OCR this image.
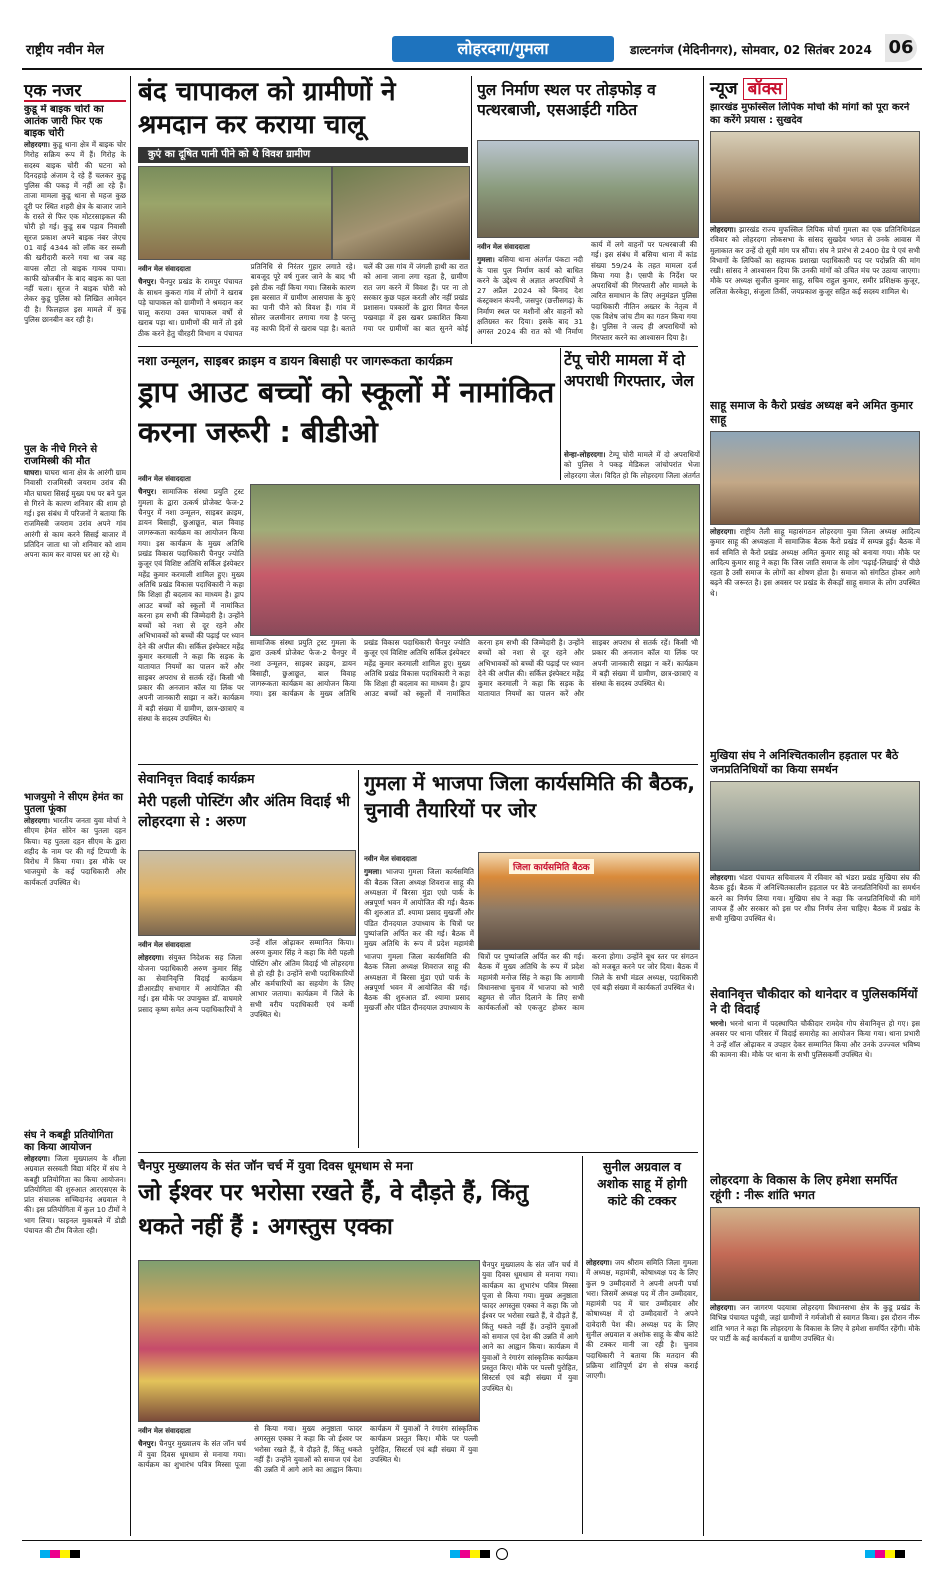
राष्ट्रीय नवीन मेल	लोहरदगा/गुमला	डाल्टनगंज (मेदिनीनगर), सोमवार, 02 सितंबर 2024 06
एक नजर
कुडू में बाइक चोरों का आतंक जारी फिर एक बाइक चोरी
लोहरदगा। कुडू थाना क्षेत्र में बाइक चोर गिरोह सक्रिय रूप में हैं। गिरोह के सदस्य बाइक चोरी की घटना को दिनदहाड़े अंजाम दे रहे हैं चलकर कुडू पुलिस की पकड़ में नहीं आ रहे हैं। ताजा मामला कुडू थाना से महज कुछ दूरी पर स्थित शहरी क्षेत्र के बाजार जाने के रास्ते से फिर एक मोटरसाइकल की चोरी हो गई। कुडू सब पड़ाव निवासी सूरज प्रकाश अपने बाइक नंबर जेएच 01 वाई 4344 को लॉक कर सब्जी की खरीदारी करने गया था जब वह वापस लौटा तो बाइक गायब पाया। काफी खोजबीन के बाद बाइक का पता नहीं चला। सूरज ने बाइक चोरी को लेकर कुडू पुलिस को लिखित आवेदन दी है। फिलहाल इस मामले में कुडू पुलिस छानबीन कर रही है।
पुल के नीचे गिरने से राजमिस्त्री की मौत
घाघरा। घाघरा थाना क्षेत्र के आरंगी ग्राम निवासी राजमिस्त्री जयराम उरांव की मौत घाघरा सिसई मुख्य पथ पर बने पुल से गिरने के कारण शनिवार की शाम हो गई। इस संबंध में परिजनों ने बताया कि राजमिस्त्री जयराम उरांव अपने गांव आरंगी से काम करने सिसई बाजार में प्रतिदिन जाता था जो शनिवार को शाम अपना काम कर वापस घर आ रहे थे।
भाजयुमो ने सीएम हेमंत का पुतला फूंका
लोहरदगा। भारतीय जनता युवा मोर्चा ने सीएम हेमंत सोरेन का पुतला दहन किया। यह पुतला दहन सीएम के द्वारा शहीद के नाम पर की गई टिप्पणी के विरोध में किया गया। इस मौके पर भाजयुमो के कई पदाधिकारी और कार्यकर्ता उपस्थित थे।
संघ ने कबड्डी प्रतियोगिता का किया आयोजन
लोहरदगा। जिला मुख्यालय के शीला अग्रवाल सरस्वती विद्या मंदिर में संघ ने कबड्डी प्रतियोगिता का किया आयोजन। प्रतियोगिता की शुरुआत आरएसएस के प्रांत संचालक सच्चिदानंद अग्रवाल ने की। इस प्रतियोगिता में कुल 10 टीमों ने भाग लिया। फाइनल मुकाबले में डोडी पंचायत की टीम विजेता रही।
बंद चापाकल को ग्रामीणों ने श्रमदान कर कराया चालू
कुएं का दूषित पानी पीने को थे विवश ग्रामीण
नवीन मेल संवाददाता
चैनपुर। चैनपुर प्रखंड के रामपुर पंचायत के साधन कुकरा गांव में लोगों ने खराब पड़े चापाकल को ग्रामीणों ने श्रमदान कर चालू कराया उक्त चापाकल वर्षों से खराब पड़ा था। ग्रामीणों की मानें तो इसे ठीक करने हेतु चीरहरी विभाग व पंचायत प्रतिनिधि से निरंतर गुहार लगाते रहे। बावजूद पूरे वर्ष गुजर जाने के बाद भी इसे ठीक नहीं किया गया। जिसके कारण इस बरसात में ग्रामीण आसपास के कुएं का पानी पीने को विवश हैं। गांव में सोलर जलमीनार लगाया गया है परन्तु वह काफी दिनों से खराब पड़ा है। बताते चलें की उस गांव में जंगली हाथी का रात को आना जाना लगा रहता है, ग्रामीण रात जग करने में विवश हैं। पर ना तो सरकार कुछ पहल करती और नहीं प्रखंड प्रशासन। पत्रकारों के द्वारा विगत चैनल पखवाड़ा में इस खबर प्रकाशित किया गया पर ग्रामीणों का बात सुनने कोई
पुल निर्माण स्थल पर तोड़फोड़ व पत्थरबाजी, एसआईटी गठित
नवीन मेल संवाददाता
गुमला। बसिया थाना अंतर्गत पंकटा नदी के पास पुल निर्माण कार्य को बाधित करने के उद्देश्य से अज्ञात अपराधियों ने 27 अप्रैल 2024 को बिनाद देश कंस्ट्रक्शन कंपनी, जसपुर (छत्तीसगढ़) के निर्माण स्थल पर मशीनों और वाहनों को क्षतिग्रस्त कर दिया। इसके बाद 31 अगस्त 2024 की रात को भी निर्माण कार्य में लगे वाहनों पर पत्थरबाजी की गई। इस संबंध में बसिया थाना में कांड संख्या 59/24 के तहत मामला दर्ज किया गया है। एसपी के निर्देश पर अपराधियों की गिरफ्तारी और मामले के त्वरित समाधान के लिए अनुमंडल पुलिस पदाधिकारी नीतिन अख्तर के नेतृत्व में एक विशेष जांच टीम का गठन किया गया है। पुलिस ने जल्द ही अपराधियों को गिरफ्तार करने का आश्वासन दिया है।
न्यूज बॉक्स
झारखंड मुफस्सिल लिपिक मोर्चा की मांगों को पूरा करने का करेंगे प्रयास : सुखदेव
लोहरदगा। झारखंड राज्य मुफस्सिल लिपिक मोर्चा गुमला का एक प्रतिनिधिमंडल रविवार को लोहरदगा लोकसभा के सांसद सुखदेव भगत से उनके आवास में मुलाकात कर उन्हें दो सूत्री मांग पत्र सौंपा। संघ ने प्रारंभ से 2400 ग्रेड पे एवं सभी विभागों के लिपिकों का सहायक प्रशाखा पदाधिकारी पद पर पदोन्नति की मांग रखी। सांसद ने आश्वासन दिया कि उनकी मांगों को उचित मंच पर उठाया जाएगा। मौके पर अध्यक्ष सुजीत कुमार साहू, सचिव राहुल कुमार, समीर प्रशिक्षक कुजूर, ललिता केरकेट्टा, संजुला तिर्की, जयप्रकाश कुजूर सहित कई सदस्य शामिल थे।
साहू समाज के कैरो प्रखंड अध्यक्ष बने अमित कुमार साहू
लोहरदगा। राष्ट्रीय तैली साहू महासंगठन लोहरदगा युवा जिला अध्यक्ष आदित्य कुमार साहू की अध्यक्षता में सामाजिक बैठक कैरो प्रखंड में सम्पन्न हुई। बैठक में सर्व समिति से कैरो प्रखंड अध्यक्ष अमित कुमार साहू को बनाया गया। मौके पर आदित्य कुमार साहू ने कहा कि जिस जाति समाज के लोग 'पढ़ाई-लिखाई' से पीछे रहता है उसी समाज के लोगों का शोषण होता है। समाज को संगठित होकर आगे बढ़ने की जरूरत है। इस अवसर पर प्रखंड के सैकड़ों साहू समाज के लोग उपस्थित थे।
मुखिया संघ ने अनिश्चितकालीन हड़ताल पर बैठे जनप्रतिनिधियों का किया समर्थन
लोहरदगा। भंडरा पंचायत सचिवालय में रविवार को भंडरा प्रखंड मुखिया संघ की बैठक हुई। बैठक में अनिश्चितकालीन हड़ताल पर बैठे जनप्रतिनिधियों का समर्थन करने का निर्णय लिया गया। मुखिया संघ ने कहा कि जनप्रतिनिधियों की मांगें जायज हैं और सरकार को इस पर शीघ्र निर्णय लेना चाहिए। बैठक में प्रखंड के सभी मुखिया उपस्थित थे।
सेवानिवृत्त चौकीदार को थानेदार व पुलिसकर्मियों ने दी विदाई
भरनो। भरनो थाना में पदस्थापित चौकीदार रामदेव गोप सेवानिवृत्त हो गए। इस अवसर पर थाना परिसर में विदाई समारोह का आयोजन किया गया। थाना प्रभारी ने उन्हें शॉल ओढ़ाकर व उपहार देकर सम्मानित किया और उनके उज्ज्वल भविष्य की कामना की। मौके पर थाना के सभी पुलिसकर्मी उपस्थित थे।
लोहरदगा के विकास के लिए हमेशा समर्पित रहूंगी : नीरू शांति भगत
लोहरदगा। जन जागरण पदयात्रा लोहरदगा विधानसभा क्षेत्र के कुडू प्रखंड के विभिन्न पंचायत पहुंची, जहां ग्रामीणों ने गर्मजोशी से स्वागत किया। इस दौरान नीरू शांति भगत ने कहा कि लोहरदगा के विकास के लिए वे हमेशा समर्पित रहेंगी। मौके पर पार्टी के कई कार्यकर्ता व ग्रामीण उपस्थित थे।
नशा उन्मूलन, साइबर क्राइम व डायन बिसाही पर जागरूकता कार्यक्रम
ड्राप आउट बच्चों को स्कूलों में नामांकित करना जरूरी : बीडीओ
नवीन मेल संवाददाता
चैनपुर। सामाजिक संस्था प्रयुति ट्रस्ट गुमला के द्वारा उत्कर्ष प्रोजेक्ट फेज-2 चैनपुर में नशा उन्मूलन, साइबर क्राइम, डायन बिसाही, छुआछूत, बाल विवाह जागरूकता कार्यक्रम का आयोजन किया गया। इस कार्यक्रम के मुख्य अतिथि प्रखंड विकास पदाधिकारी चैनपुर ज्योति कुजूर एवं विशिष्ट अतिथि सर्किल इंस्पेक्टर महेंद्र कुमार करमाली शामिल हुए। मुख्य अतिथि प्रखंड विकास पदाधिकारी ने कहा कि शिक्षा ही बदलाव का माध्यम है। ड्राप आउट बच्चों को स्कूलों में नामांकित करना हम सभी की जिम्मेदारी है। उन्होंने बच्चों को नशा से दूर रहने और अभिभावकों को बच्चों की पढ़ाई पर ध्यान देने की अपील की। सर्किल इंस्पेक्टर महेंद्र कुमार करमाली ने कहा कि सड़क के यातायात नियमों का पालन करें और साइबर अपराध से सतर्क रहें। किसी भी प्रकार की अनजान कॉल या लिंक पर अपनी जानकारी साझा न करें। कार्यक्रम में बड़ी संख्या में ग्रामीण, छात्र-छात्राएं व संस्था के सदस्य उपस्थित थे।
सामाजिक संस्था प्रयुति ट्रस्ट गुमला के द्वारा उत्कर्ष प्रोजेक्ट फेज-2 चैनपुर में नशा उन्मूलन, साइबर क्राइम, डायन बिसाही, छुआछूत, बाल विवाह जागरूकता कार्यक्रम का आयोजन किया गया। इस कार्यक्रम के मुख्य अतिथि प्रखंड विकास पदाधिकारी चैनपुर ज्योति कुजूर एवं विशिष्ट अतिथि सर्किल इंस्पेक्टर महेंद्र कुमार करमाली शामिल हुए। मुख्य अतिथि प्रखंड विकास पदाधिकारी ने कहा कि शिक्षा ही बदलाव का माध्यम है। ड्राप आउट बच्चों को स्कूलों में नामांकित करना हम सभी की जिम्मेदारी है। उन्होंने बच्चों को नशा से दूर रहने और अभिभावकों को बच्चों की पढ़ाई पर ध्यान देने की अपील की। सर्किल इंस्पेक्टर महेंद्र कुमार करमाली ने कहा कि सड़क के यातायात नियमों का पालन करें और साइबर अपराध से सतर्क रहें। किसी भी प्रकार की अनजान कॉल या लिंक पर अपनी जानकारी साझा न करें। कार्यक्रम में बड़ी संख्या में ग्रामीण, छात्र-छात्राएं व संस्था के सदस्य उपस्थित थे।
टेंपू चोरी मामला में दो अपराधी गिरफ्तार, जेल
सेन्हा-लोहरदगा। टेम्पू चोरी मामले में दो अपराधियों को पुलिस ने पकड़ मेडिकल जांचोपरांत भेजा लोहरदगा जेल। विदित हो कि लोहरदगा जिला अंतर्गत
सेवानिवृत्त विदाई कार्यक्रम
मेरी पहली पोस्टिंग और अंतिम विदाई भी लोहरदगा से : अरुण
नवीन मेल संवाददाता
लोहरदगा। संयुक्त निदेशक सह जिला योजना पदाधिकारी अरुण कुमार सिंह का सेवानिवृत्ति विदाई कार्यक्रम डीआरडीए सभागार में आयोजित की गई। इस मौके पर उपायुक्त डॉ. वाघमारे प्रसाद कृष्ण समेत अन्य पदाधिकारियों ने उन्हें शॉल ओढ़ाकर सम्मानित किया। अरुण कुमार सिंह ने कहा कि मेरी पहली पोस्टिंग और अंतिम विदाई भी लोहरदगा से हो रही है। उन्होंने सभी पदाधिकारियों और कर्मचारियों का सहयोग के लिए आभार जताया। कार्यक्रम में जिले के सभी वरीय पदाधिकारी एवं कर्मी उपस्थित थे।
गुमला में भाजपा जिला कार्यसमिति की बैठक, चुनावी तैयारियों पर जोर
नवीन मेल संवाददाता
गुमला। भाजपा गुमला जिला कार्यसमिति की बैठक जिला अध्यक्ष शिवराज साहू की अध्यक्षता में बिरसा मुंडा एग्रो पार्क के अन्नपूर्णा भवन में आयोजित की गई। बैठक की शुरुआत डॉ. श्यामा प्रसाद मुखर्जी और पंडित दीनदयाल उपाध्याय के चित्रों पर पुष्पांजलि अर्पित कर की गई। बैठक में मुख्य अतिथि के रूप में प्रदेश महामंत्री
जिला कार्यसमिति बैठक
भाजपा गुमला जिला कार्यसमिति की बैठक जिला अध्यक्ष शिवराज साहू की अध्यक्षता में बिरसा मुंडा एग्रो पार्क के अन्नपूर्णा भवन में आयोजित की गई। बैठक की शुरुआत डॉ. श्यामा प्रसाद मुखर्जी और पंडित दीनदयाल उपाध्याय के चित्रों पर पुष्पांजलि अर्पित कर की गई। बैठक में मुख्य अतिथि के रूप में प्रदेश महामंत्री मनोज सिंह ने कहा कि आगामी विधानसभा चुनाव में भाजपा को भारी बहुमत से जीत दिलाने के लिए सभी कार्यकर्ताओं को एकजुट होकर काम करना होगा। उन्होंने बूथ स्तर पर संगठन को मजबूत करने पर जोर दिया। बैठक में जिले के सभी मंडल अध्यक्ष, पदाधिकारी एवं बड़ी संख्या में कार्यकर्ता उपस्थित थे।
चैनपुर मुख्यालय के संत जॉन चर्च में युवा दिवस धूमधाम से मना
जो ईश्वर पर भरोसा रखते हैं, वे दौड़ते हैं, किंतु थकते नहीं हैं : अगस्तुस एक्का
नवीन मेल संवाददाता
चैनपुर। चैनपुर मुख्यालय के संत जॉन चर्च में युवा दिवस धूमधाम से मनाया गया। कार्यक्रम का शुभारंभ पवित्र मिस्सा पूजा से किया गया। मुख्य अनुष्ठाता फादर अगस्तुस एक्का ने कहा कि जो ईश्वर पर भरोसा रखते हैं, वे दौड़ते हैं, किंतु थकते नहीं हैं। उन्होंने युवाओं को समाज एवं देश की उन्नति में आगे आने का आह्वान किया। कार्यक्रम में युवाओं ने रंगारंग सांस्कृतिक कार्यक्रम प्रस्तुत किए। मौके पर पल्ली पुरोहित, सिस्टर्स एवं बड़ी संख्या में युवा उपस्थित थे।
चैनपुर मुख्यालय के संत जॉन चर्च में युवा दिवस धूमधाम से मनाया गया। कार्यक्रम का शुभारंभ पवित्र मिस्सा पूजा से किया गया। मुख्य अनुष्ठाता फादर अगस्तुस एक्का ने कहा कि जो ईश्वर पर भरोसा रखते हैं, वे दौड़ते हैं, किंतु थकते नहीं हैं। उन्होंने युवाओं को समाज एवं देश की उन्नति में आगे आने का आह्वान किया। कार्यक्रम में युवाओं ने रंगारंग सांस्कृतिक कार्यक्रम प्रस्तुत किए। मौके पर पल्ली पुरोहित, सिस्टर्स एवं बड़ी संख्या में युवा उपस्थित थे।
सुनील अग्रवाल व अशोक साहू में होगी कांटे की टक्कर
लोहरदगा। जय श्रीराम समिति जिला गुमला में अध्यक्ष, महामंत्री, कोषाध्यक्ष पद के लिए कुल 9 उम्मीदवारों ने अपनी अपनी पर्चा भरा। जिसमें अध्यक्ष पद में तीन उम्मीदवार, महामंत्री पद में चार उम्मीदवार और कोषाध्यक्ष में दो उम्मीदवारों ने अपने दावेदारी पेश की। अध्यक्ष पद के लिए सुनील अग्रवाल व अशोक साहू के बीच कांटे की टक्कर मानी जा रही है। चुनाव पदाधिकारी ने बताया कि मतदान की प्रक्रिया शांतिपूर्ण ढंग से संपन्न कराई जाएगी।
